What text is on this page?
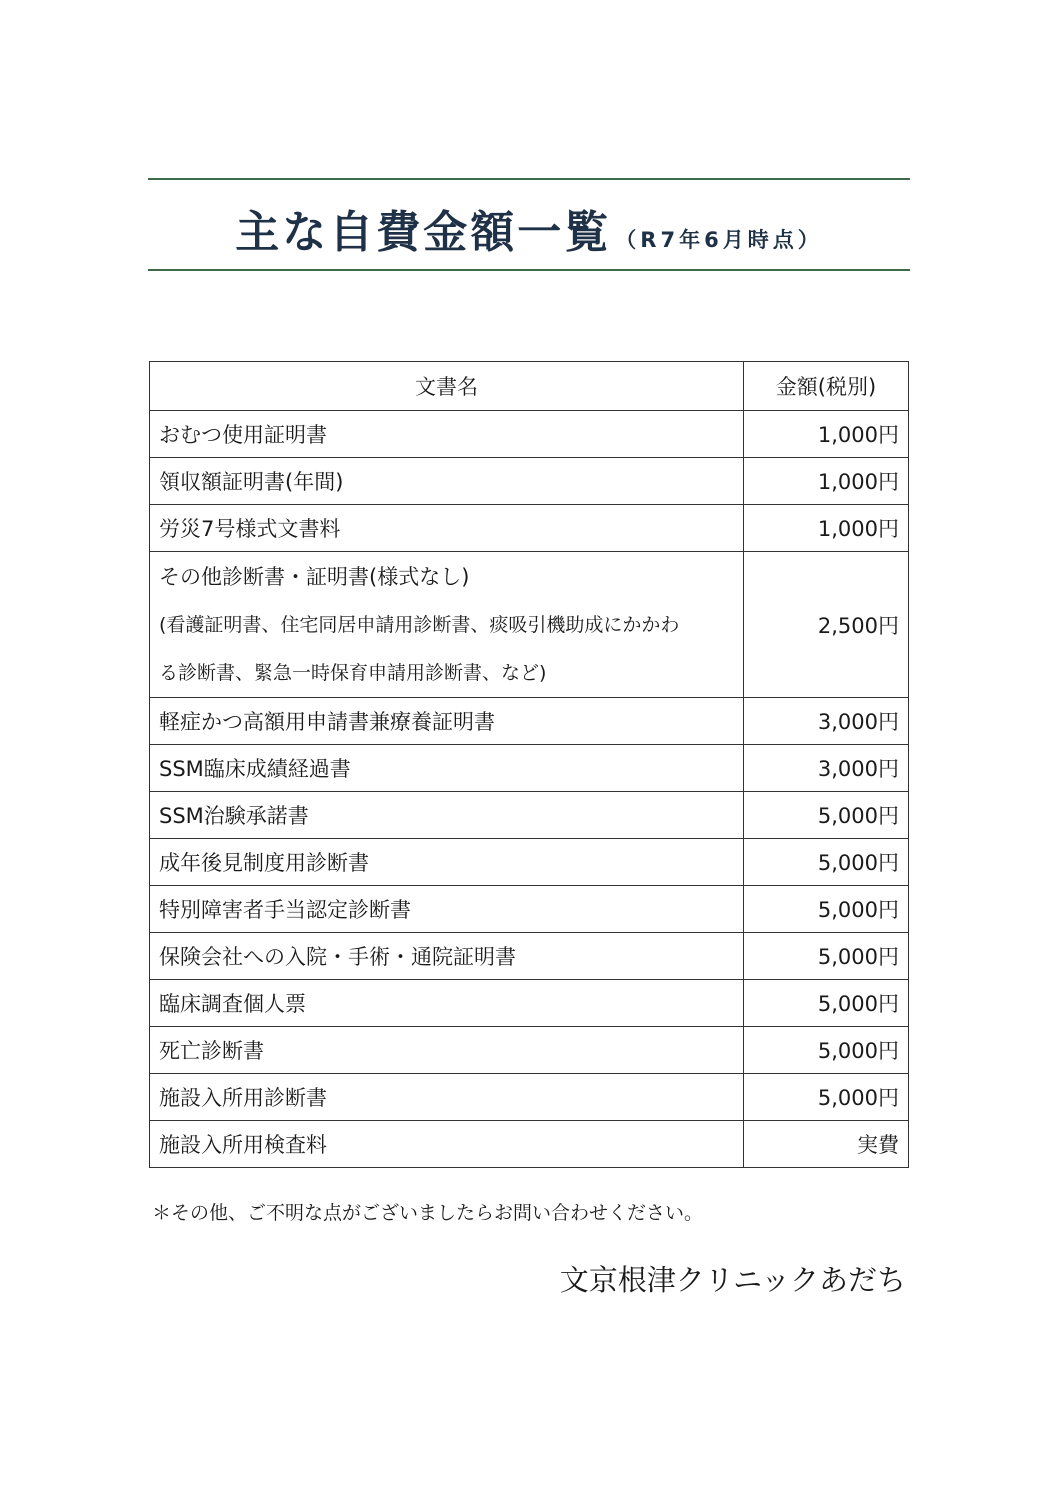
主な自費金額一覧 （R7年6月時点）
文書名	金額(税別)
おむつ使用証明書	1,000円
領収額証明書(年間)	1,000円
労災7号様式文書料	1,000円

その他診断書・証明書(様式なし)
(看護証明書、住宅同居申請用診断書、痰吸引機助成にかかわ
る診断書、緊急一時保育申請用診断書、など)	2,500円
軽症かつ高額用申請書兼療養証明書	3,000円
SSM臨床成績経過書	3,000円
SSM治験承諾書	5,000円
成年後見制度用診断書	5,000円
特別障害者手当認定診断書	5,000円
保険会社への入院・手術・通院証明書	5,000円
臨床調査個人票	5,000円
死亡診断書	5,000円
施設入所用診断書	5,000円
施設入所用検査料	実費
＊その他、ご不明な点がございましたらお問い合わせください。
文京根津クリニックあだち
